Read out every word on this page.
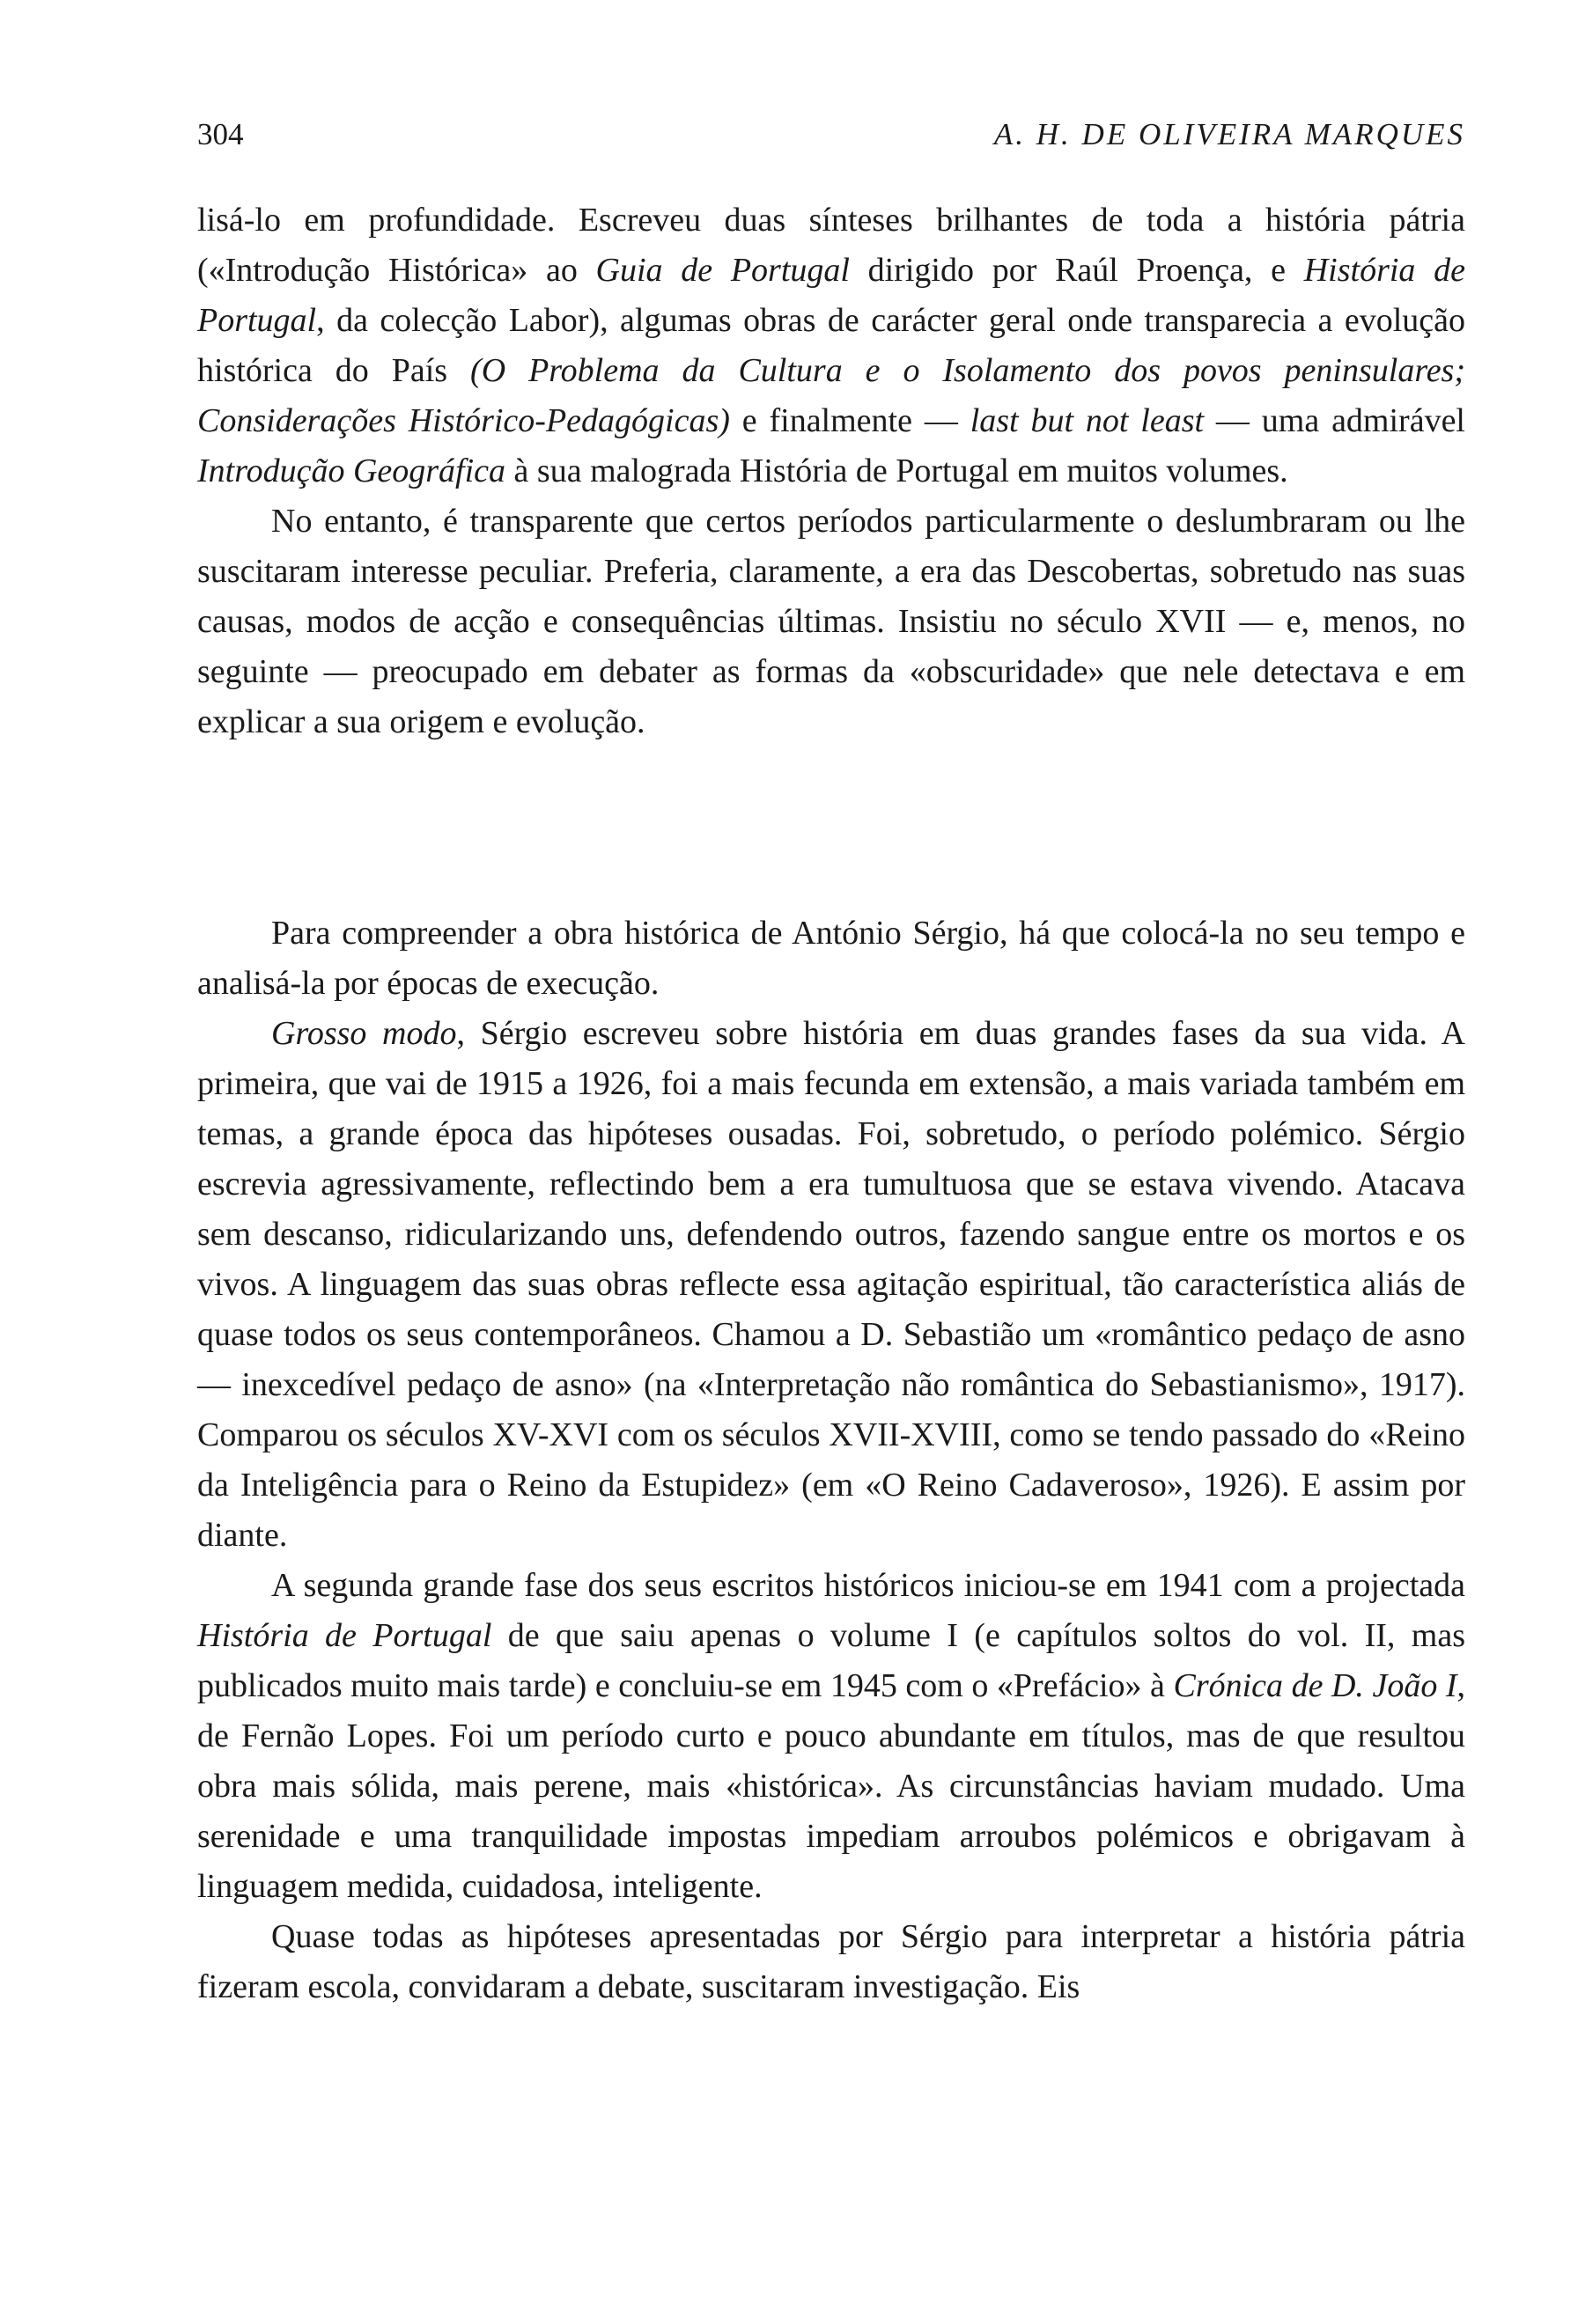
304	A. H. DE OLIVEIRA MARQUES

lisá-lo em profundidade. Escreveu duas sínteses brilhantes de toda a história pátria («Introdução Histórica» ao Guia de Portugal dirigido por Raúl Proença, e História de Portugal, da colecção Labor), algumas obras de carácter geral onde transparecia a evolução histórica do País (O Problema da Cultura e o Isolamento dos povos peninsulares; Considerações Histórico-Pedagógicas) e finalmente — last but not least — uma admirável Introdução Geográfica à sua malograda História de Portugal em muitos volumes.

No entanto, é transparente que certos períodos particularmente o deslumbraram ou lhe suscitaram interesse peculiar. Preferia, claramente, a era das Descobertas, sobretudo nas suas causas, modos de acção e consequências últimas. Insistiu no século XVII — e, menos, no seguinte — preocupado em debater as formas da «obscuridade» que nele detectava e em explicar a sua origem e evolução.

Para compreender a obra histórica de António Sérgio, há que colocá-la no seu tempo e analisá-la por épocas de execução.

Grosso modo, Sérgio escreveu sobre história em duas grandes fases da sua vida. A primeira, que vai de 1915 a 1926, foi a mais fecunda em extensão, a mais variada também em temas, a grande época das hipóteses ousadas. Foi, sobretudo, o período polémico. Sérgio escrevia agressivamente, reflectindo bem a era tumultuosa que se estava vivendo. Atacava sem descanso, ridicularizando uns, defendendo outros, fazendo sangue entre os mortos e os vivos. A linguagem das suas obras reflecte essa agitação espiritual, tão característica aliás de quase todos os seus contemporâneos. Chamou a D. Sebastião um «romântico pedaço de asno — inexcedível pedaço de asno» (na «Interpretação não romântica do Sebastianismo», 1917). Comparou os séculos XV-XVI com os séculos XVII-XVIII, como se tendo passado do «Reino da Inteligência para o Reino da Estupidez» (em «O Reino Cadaveroso», 1926). E assim por diante.

A segunda grande fase dos seus escritos históricos iniciou-se em 1941 com a projectada História de Portugal de que saiu apenas o volume I (e capítulos soltos do vol. II, mas publicados muito mais tarde) e concluiu-se em 1945 com o «Prefácio» à Crónica de D. João I, de Fernão Lopes. Foi um período curto e pouco abundante em títulos, mas de que resultou obra mais sólida, mais perene, mais «histórica». As circunstâncias haviam mudado. Uma serenidade e uma tranquilidade impostas impediam arroubos polémicos e obrigavam à linguagem medida, cuidadosa, inteligente.

Quase todas as hipóteses apresentadas por Sérgio para interpretar a história pátria fizeram escola, convidaram a debate, suscitaram investigação. Eis
